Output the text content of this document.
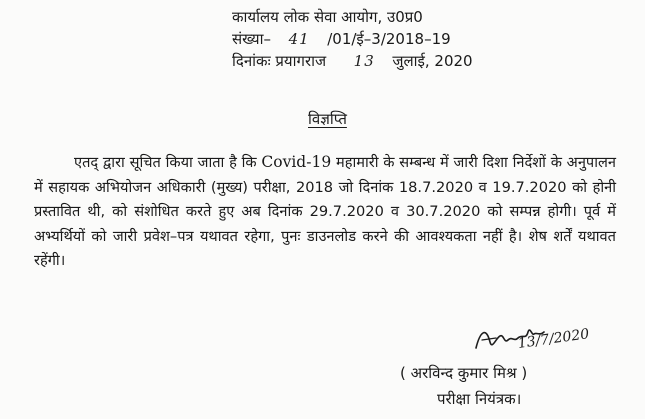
कार्यालय लोक सेवा आयोग, उ0प्र0
संख्या– 41 /01/ई–3/2018–19
दिनांकः प्रयागराज 13 जुलाई, 2020
विज्ञप्ति

एतद् द्वारा सूचित किया जाता है कि Covid-19 महामारी के सम्बन्ध में जारी दिशा निर्देशों के अनुपालन में सहायक अभियोजन अधिकारी (मुख्य) परीक्षा, 2018 जो दिनांक 18.7.2020 व 19.7.2020 को होनी प्रस्तावित थी, को संशोधित करते हुए अब दिनांक 29.7.2020 व 30.7.2020 को सम्पन्न होगी। पूर्व में अभ्यर्थियों को जारी प्रवेश–पत्र यथावत रहेगा, पुनः डाउनलोड करने की आवश्यकता नहीं है। शेष शर्तें यथावत रहेंगी।

13/7/2020
( अरविन्द कुमार मिश्र )
परीक्षा नियंत्रक।
